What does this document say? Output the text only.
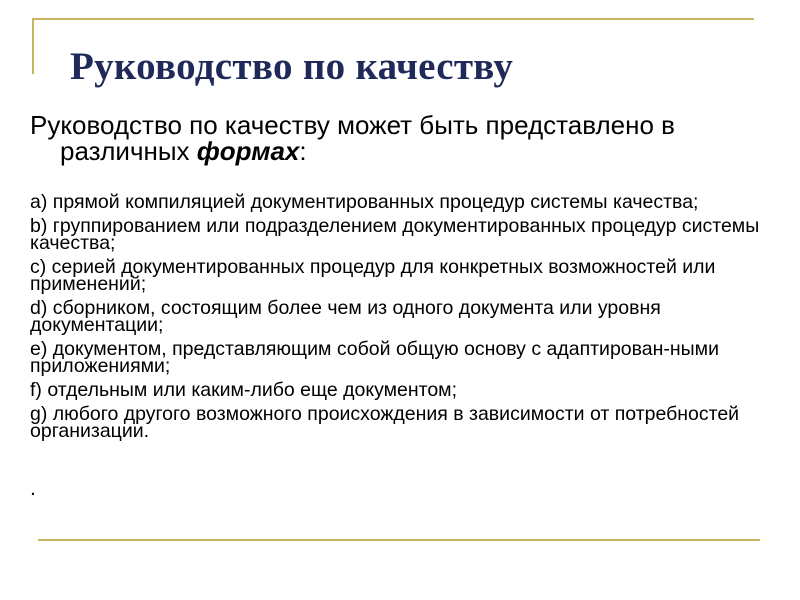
Руководство по качеству

Руководство по качеству может быть представлено в различных формах:

a) прямой компиляцией документированных процедур системы качества;
b) группированием или подразделением документированных процедур системы качества;
c) серией документированных процедур для конкретных возможностей или применений;
d) сборником, состоящим более чем из одного документа или уровня документации;
e) документом, представляющим собой общую основу с адаптирован-ными приложениями;
f) отдельным или каким-либо еще документом;
g) любого другого возможного происхождения в зависимости от потребностей организации.
.
